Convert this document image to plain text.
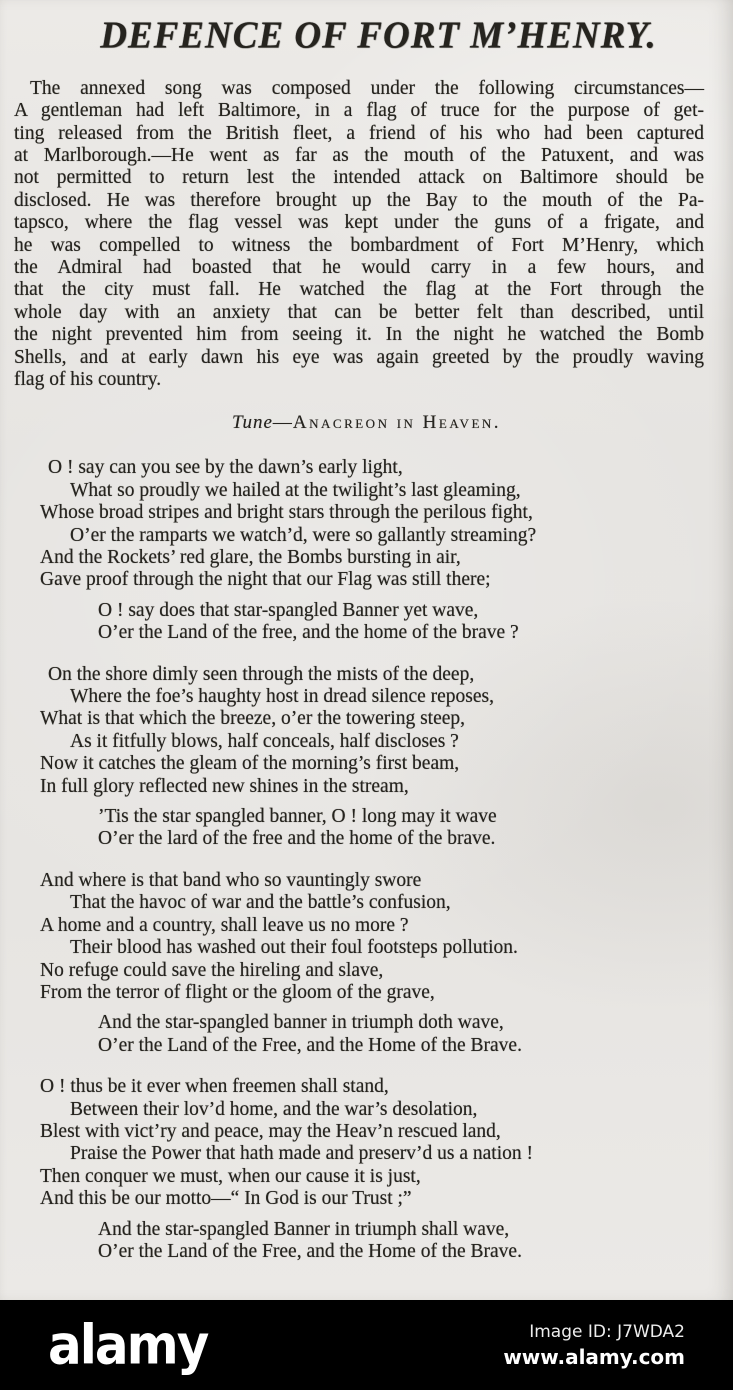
DEFENCE OF FORT M’HENRY.
The annexed song was composed under the following circumstances—
A gentleman had left Baltimore, in a flag of truce for the purpose of get-
ting released from the British fleet, a friend of his who had been captured
at Marlborough.—He went as far as the mouth of the Patuxent, and was
not permitted to return lest the intended attack on Baltimore should be
disclosed. He was therefore brought up the Bay to the mouth of the Pa-
tapsco, where the flag vessel was kept under the guns of a frigate, and
he was compelled to witness the bombardment of Fort M’Henry, which
the Admiral had boasted that he would carry in a few hours, and
that the city must fall. He watched the flag at the Fort through the
whole day with an anxiety that can be better felt than described, until
the night prevented him from seeing it. In the night he watched the Bomb
Shells, and at early dawn his eye was again greeted by the proudly waving
flag of his country.
Tune—Anacreon in Heaven.
O ! say can you see by the dawn’s early light,
What so proudly we hailed at the twilight’s last gleaming,
Whose broad stripes and bright stars through the perilous fight,
O’er the ramparts we watch’d, were so gallantly streaming?
And the Rockets’ red glare, the Bombs bursting in air,
Gave proof through the night that our Flag was still there;
O ! say does that star-spangled Banner yet wave,
O’er the Land of the free, and the home of the brave ?
On the shore dimly seen through the mists of the deep,
Where the foe’s haughty host in dread silence reposes,
What is that which the breeze, o’er the towering steep,
As it fitfully blows, half conceals, half discloses ?
Now it catches the gleam of the morning’s first beam,
In full glory reflected new shines in the stream,
’Tis the star spangled banner, O ! long may it wave
O’er the lard of the free and the home of the brave.
And where is that band who so vauntingly swore
That the havoc of war and the battle’s confusion,
A home and a country, shall leave us no more ?
Their blood has washed out their foul footsteps pollution.
No refuge could save the hireling and slave,
From the terror of flight or the gloom of the grave,
And the star-spangled banner in triumph doth wave,
O’er the Land of the Free, and the Home of the Brave.
O ! thus be it ever when freemen shall stand,
Between their lov’d home, and the war’s desolation,
Blest with vict’ry and peace, may the Heav’n rescued land,
Praise the Power that hath made and preserv’d us a nation !
Then conquer we must, when our cause it is just,
And this be our motto—“ In God is our Trust ;”
And the star-spangled Banner in triumph shall wave,
O’er the Land of the Free, and the Home of the Brave.
alamy	Image ID: J7WDA2
www.alamy.com
